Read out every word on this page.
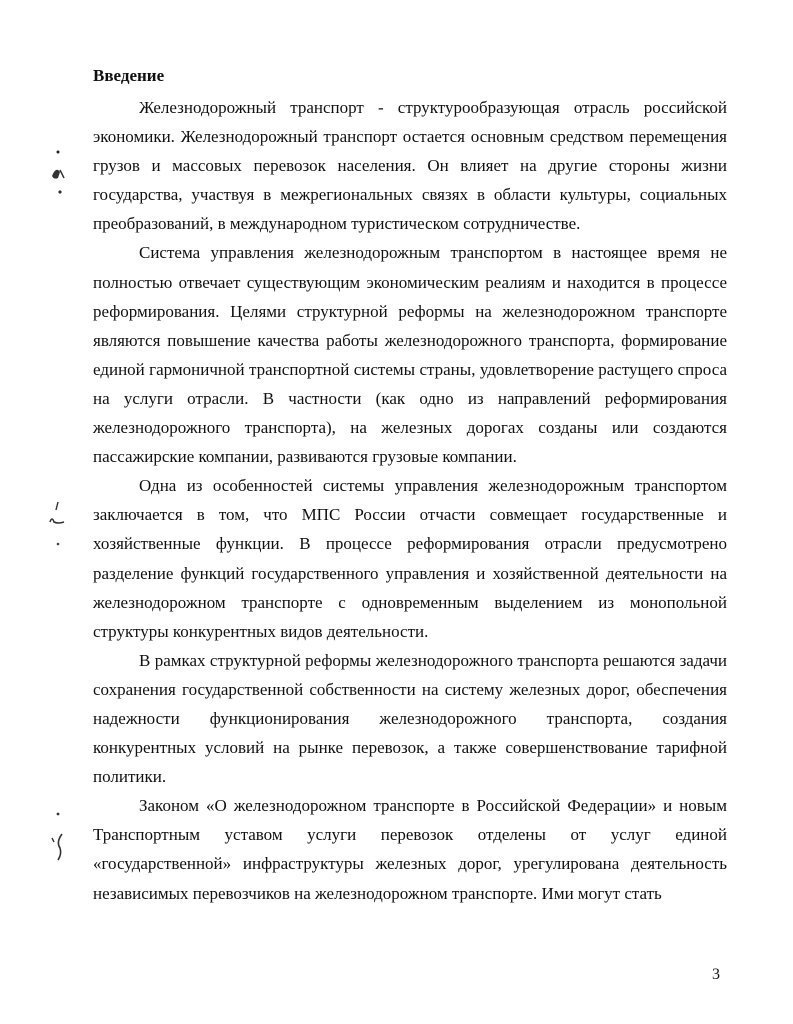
Введение

Железнодорожный транспорт - структурообразующая отрасль российской экономики. Железнодорожный транспорт остается основным средством перемещения грузов и массовых перевозок населения. Он влияет на другие стороны жизни государства, участвуя в межрегиональных связях в области культуры, социальных преобразований, в международном туристическом сотрудничестве.

Система управления железнодорожным транспортом в настоящее время не полностью отвечает существующим экономическим реалиям и находится в процессе реформирования. Целями структурной реформы на железнодорожном транспорте являются повышение качества работы железнодорожного транспорта, формирование единой гармоничной транспортной системы страны, удовлетворение растущего спроса на услуги отрасли. В частности (как одно из направлений реформирования железнодорожного транспорта), на железных дорогах созданы или создаются пассажирские компании, развиваются грузовые компании.

Одна из особенностей системы управления железнодорожным транспортом заключается в том, что МПС России отчасти совмещает государственные и хозяйственные функции. В процессе реформирования отрасли предусмотрено разделение функций государственного управления и хозяйственной деятельности на железнодорожном транспорте с одновременным выделением из монопольной структуры конкурентных видов деятельности.

В рамках структурной реформы железнодорожного транспорта решаются задачи сохранения государственной собственности на систему железных дорог, обеспечения надежности функционирования железнодорожного транспорта, создания конкурентных условий на рынке перевозок, а также совершенствование тарифной политики.

Законом «О железнодорожном транспорте в Российской Федерации» и новым Транспортным уставом услуги перевозок отделены от услуг единой «государственной» инфраструктуры железных дорог, урегулирована деятельность независимых перевозчиков на железнодорожном транспорте. Ими могут стать

3
